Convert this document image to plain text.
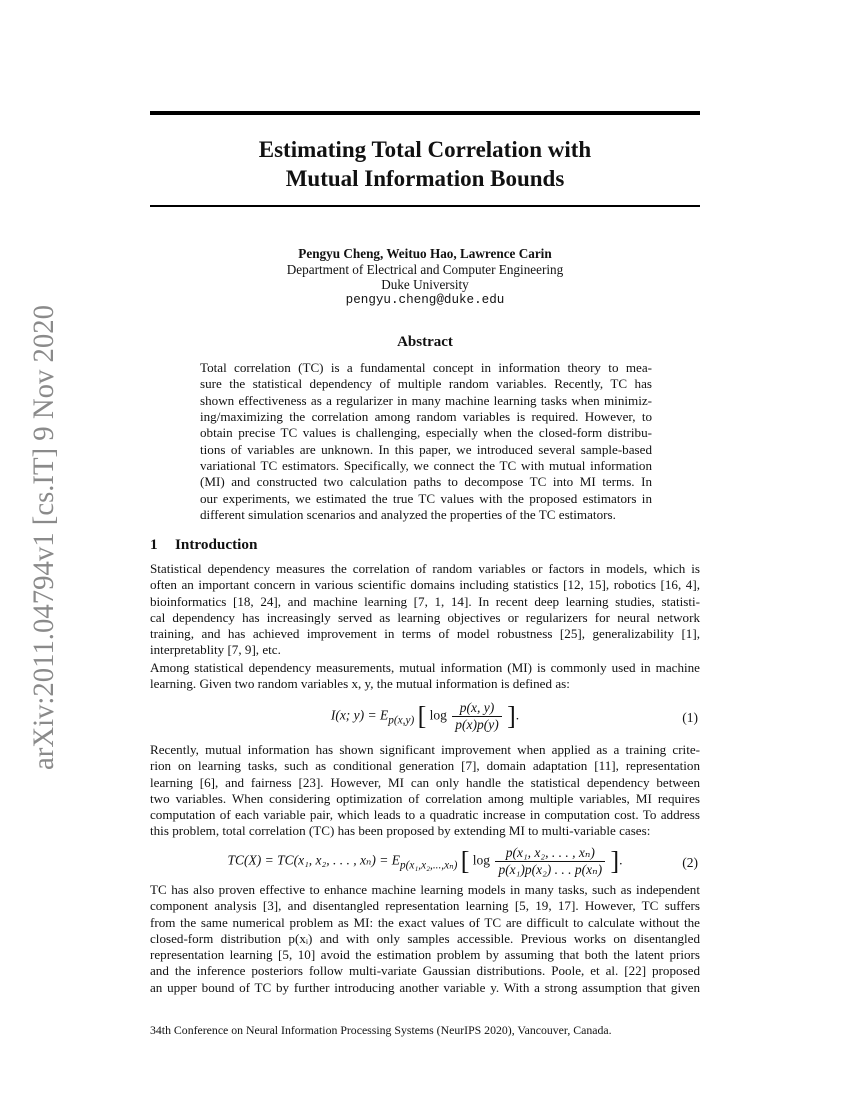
arXiv:2011.04794v1 [cs.IT] 9 Nov 2020
Estimating Total Correlation with
Mutual Information Bounds
Pengyu Cheng, Weituo Hao, Lawrence Carin
Department of Electrical and Computer Engineering
Duke University
pengyu.cheng@duke.edu
Abstract
Total correlation (TC) is a fundamental concept in information theory to mea-
sure the statistical dependency of multiple random variables. Recently, TC has
shown effectiveness as a regularizer in many machine learning tasks when minimiz-
ing/maximizing the correlation among random variables is required. However, to
obtain precise TC values is challenging, especially when the closed-form distribu-
tions of variables are unknown. In this paper, we introduced several sample-based
variational TC estimators. Specifically, we connect the TC with mutual information
(MI) and constructed two calculation paths to decompose TC into MI terms. In
our experiments, we estimated the true TC values with the proposed estimators in
different simulation scenarios and analyzed the properties of the TC estimators.
1 Introduction
Statistical dependency measures the correlation of random variables or factors in models, which is
often an important concern in various scientific domains including statistics [12, 15], robotics [16, 4],
bioinformatics [18, 24], and machine learning [7, 1, 14]. In recent deep learning studies, statisti-
cal dependency has increasingly served as learning objectives or regularizers for neural network
training, and has achieved improvement in terms of model robustness [25], generalizability [1],
interpretablity [7, 9], etc.
Among statistical dependency measurements, mutual information (MI) is commonly used in machine
learning. Given two random variables x, y, the mutual information is defined as:
I(x; $y) = E_{p(x,y)}$ [ $\log \frac{p(x, y)}{p(x)p(y)}$ ].	(1)
Recently, mutual information has shown significant improvement when applied as a training crite-
rion on learning tasks, such as conditional generation [7], domain adaptation [11], representation
learning [6], and fairness [23]. However, MI can only handle the statistical dependency between
two variables. When considering optimization of correlation among multiple variables, MI requires
computation of each variable pair, which leads to a quadratic increase in computation cost. To address
this problem, total correlation (TC) has been proposed by extending MI to multi-variable cases:
TC(X) = TC(x₁, x₂, . . . , $x_n) = E_{p(x_1,x_2,...,x_n)}$ [ $\log \frac{\text{p(x₁, x₂, . . . , xₙ)}}{\text{p(x₁)p(x₂) . . . p(xₙ)}}$ ].	(2)
TC has also proven effective to enhance machine learning models in many tasks, such as independent
component analysis [3], and disentangled representation learning [5, 19, 17]. However, TC suffers
from the same numerical problem as MI: the exact values of TC are difficult to calculate without the
closed-form distribution p(xᵢ) and with only samples accessible. Previous works on disentangled
representation learning [5, 10] avoid the estimation problem by assuming that both the latent priors
and the inference posteriors follow multi-variate Gaussian distributions. Poole, et al. [22] proposed
an upper bound of TC by further introducing another variable y. With a strong assumption that given
34th Conference on Neural Information Processing Systems (NeurIPS 2020), Vancouver, Canada.
